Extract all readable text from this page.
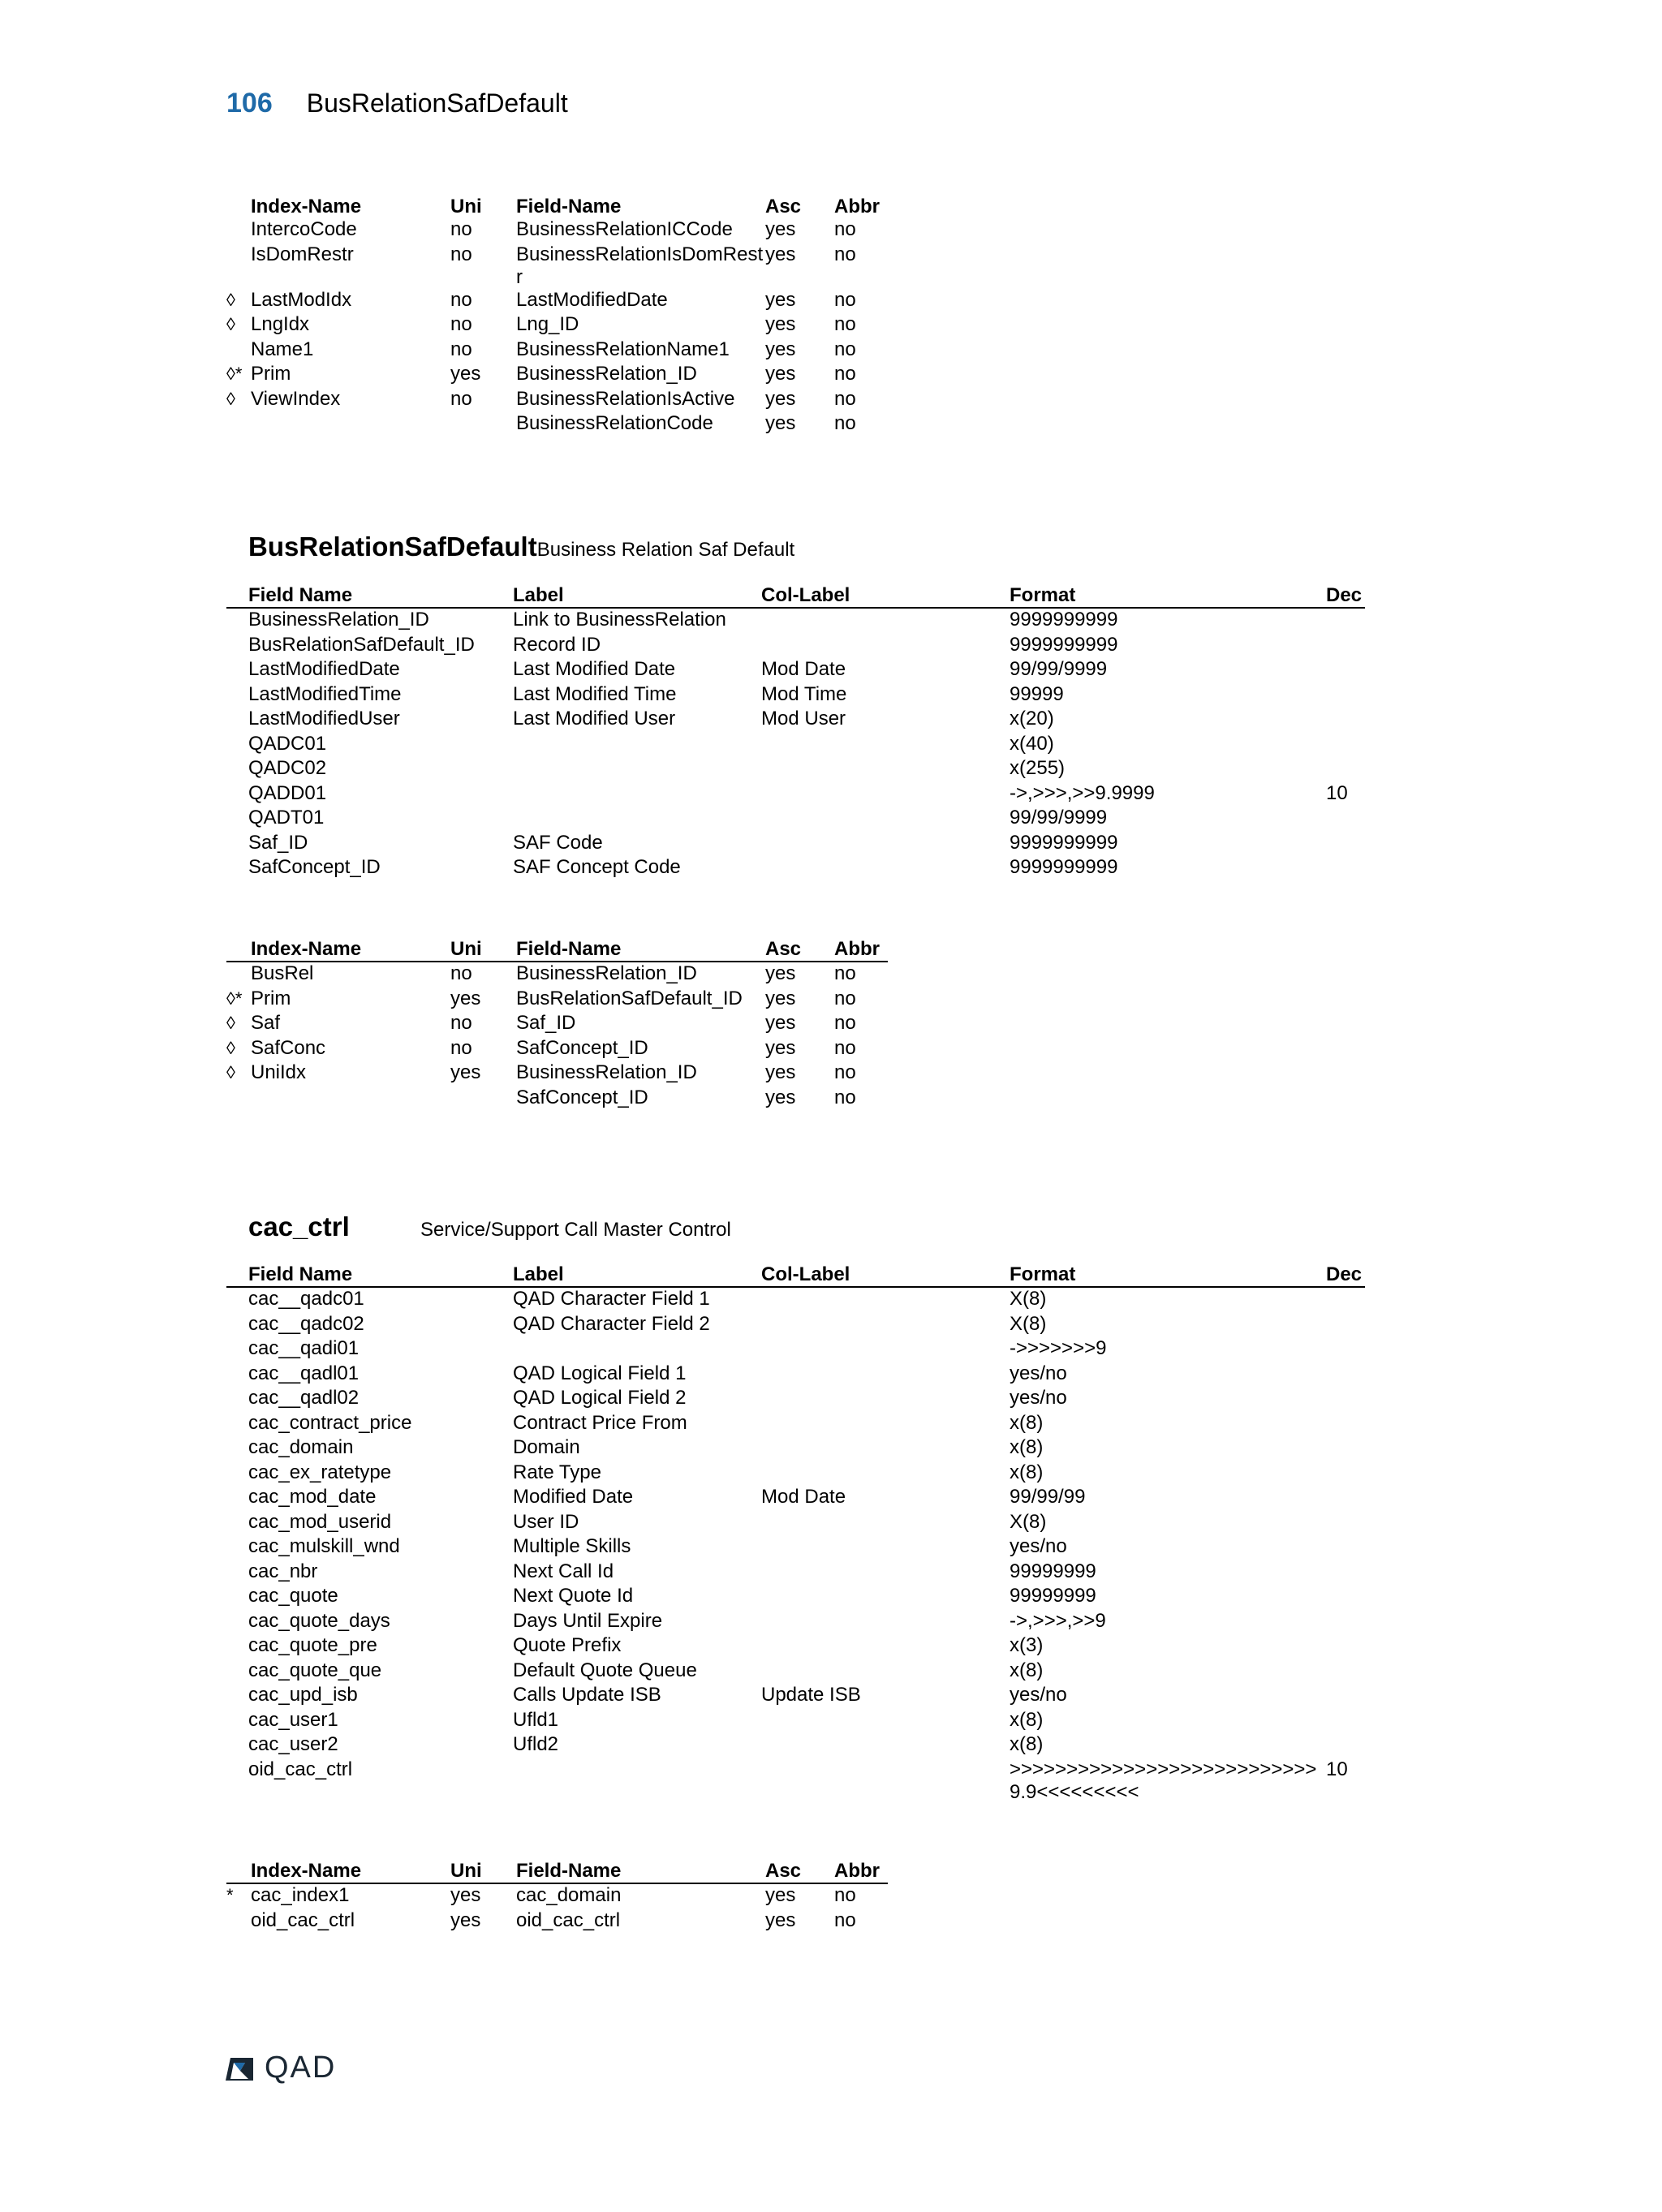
106 BusRelationSafDefault
	Index-Name	Uni	Field-Name	Asc	Abbr
	IntercoCode	no	BusinessRelationICCode	yes	no
	IsDomRestr	no	BusinessRelationIsDomRestr	yes	no
◊	LastModIdx	no	LastModifiedDate	yes	no
◊	LngIdx	no	Lng_ID	yes	no
	Name1	no	BusinessRelationName1	yes	no
◊*	Prim	yes	BusinessRelation_ID	yes	no
◊	ViewIndex	no	BusinessRelationIsActive	yes	no
			BusinessRelationCode	yes	no
BusRelationSafDefaultBusiness Relation Saf Default
	Field Name	Label	Col-Label	Format	Dec
	BusinessRelation_ID	Link to BusinessRelation		9999999999	
	BusRelationSafDefault_ID	Record ID		9999999999	
	LastModifiedDate	Last Modified Date	Mod Date	99/99/9999	
	LastModifiedTime	Last Modified Time	Mod Time	99999	
	LastModifiedUser	Last Modified User	Mod User	x(20)	
	QADC01			x(40)	
	QADC02			x(255)	
	QADD01			->,>>>,>>9.9999	10
	QADT01			99/99/9999	
	Saf_ID	SAF Code		9999999999	
	SafConcept_ID	SAF Concept Code		9999999999	
	Index-Name	Uni	Field-Name	Asc	Abbr
	BusRel	no	BusinessRelation_ID	yes	no
◊*	Prim	yes	BusRelationSafDefault_ID	yes	no
◊	Saf	no	Saf_ID	yes	no
◊	SafConc	no	SafConcept_ID	yes	no
◊	UniIdx	yes	BusinessRelation_ID	yes	no
			SafConcept_ID	yes	no
cac_ctrl	Service/Support Call Master Control
	Field Name	Label	Col-Label	Format	Dec
	cac__qadc01	QAD Character Field 1		X(8)	
	cac__qadc02	QAD Character Field 2		X(8)	
	cac__qadi01			->>>>>>>9	
	cac__qadl01	QAD Logical Field 1		yes/no	
	cac__qadl02	QAD Logical Field 2		yes/no	
	cac_contract_price	Contract Price From		x(8)	
	cac_domain	Domain		x(8)	
	cac_ex_ratetype	Rate Type		x(8)	
	cac_mod_date	Modified Date	Mod Date	99/99/99	
	cac_mod_userid	User ID		X(8)	
	cac_mulskill_wnd	Multiple Skills		yes/no	
	cac_nbr	Next Call Id		99999999	
	cac_quote	Next Quote Id		99999999	
	cac_quote_days	Days Until Expire		->,>>>,>>9	
	cac_quote_pre	Quote Prefix		x(3)	
	cac_quote_que	Default Quote Queue		x(8)	
	cac_upd_isb	Calls Update ISB	Update ISB	yes/no	
	cac_user1	Ufld1		x(8)	
	cac_user2	Ufld2		x(8)	
	oid_cac_ctrl			>>>>>>>>>>>>>>>>>>>>>>>>>>>9.9<<<<<<<<<	10
	Index-Name	Uni	Field-Name	Asc	Abbr
*	cac_index1	yes	cac_domain	yes	no
	oid_cac_ctrl	yes	oid_cac_ctrl	yes	no
QAD
